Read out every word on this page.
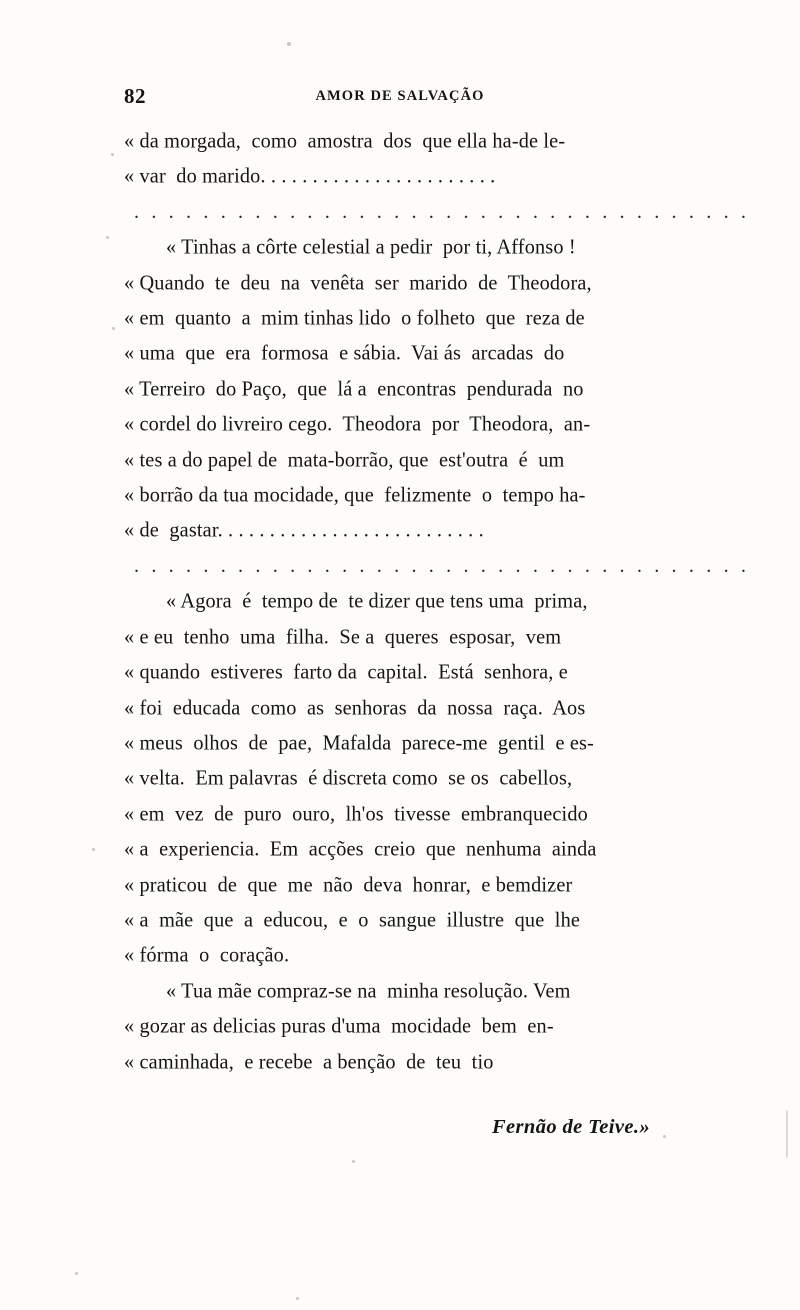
82	AMOR DE SALVAÇÃO
« da morgada,  como  amostra  dos  que ella ha-de le-
« var  do marido. . . . . . . . . . . . . . . . . . . . . . .
. . . . . . . . . . . . . . . . . . . . . . . . . . . . . . . . . . . .
« Tinhas a côrte celestial a pedir  por ti, Affonso !
« Quando  te  deu  na  venêta  ser  marido  de  Theodora,
« em  quanto  a  mim tinhas lido  o folheto  que  reza de
« uma  que  era  formosa  e sábia.  Vai ás  arcadas  do
« Terreiro  do Paço,  que  lá a  encontras  pendurada  no
« cordel do livreiro cego.  Theodora  por  Theodora,  an-
« tes a do papel de  mata-borrão, que  est'outra  é  um
« borrão da tua mocidade, que  felizmente  o  tempo ha-
« de  gastar. . . . . . . . . . . . . . . . . . . . . . . . . .
. . . . . . . . . . . . . . . . . . . . . . . . . . . . . . . . . . . .
« Agora  é  tempo de  te dizer que tens uma  prima,
« e eu  tenho  uma  filha.  Se a  queres  esposar,  vem
« quando  estiveres  farto da  capital.  Está  senhora, e
« foi  educada  como  as  senhoras  da  nossa  raça.  Aos
« meus  olhos  de  pae,  Mafalda  parece-me  gentil  e es-
« velta.  Em palavras  é discreta como  se os  cabellos,
« em  vez  de  puro  ouro,  lh'os  tivesse  embranquecido
« a  experiencia.  Em  acções  creio  que  nenhuma  ainda
« praticou  de  que  me  não  deva  honrar,  e bemdizer
« a  mãe  que  a  educou,  e  o  sangue  illustre  que  lhe
« fórma  o  coração.
« Tua mãe compraz-se na  minha resolução. Vem
« gozar as delicias puras d'uma  mocidade  bem  en-
« caminhada,  e recebe  a benção  de  teu  tio
Fernão de Teive.»
